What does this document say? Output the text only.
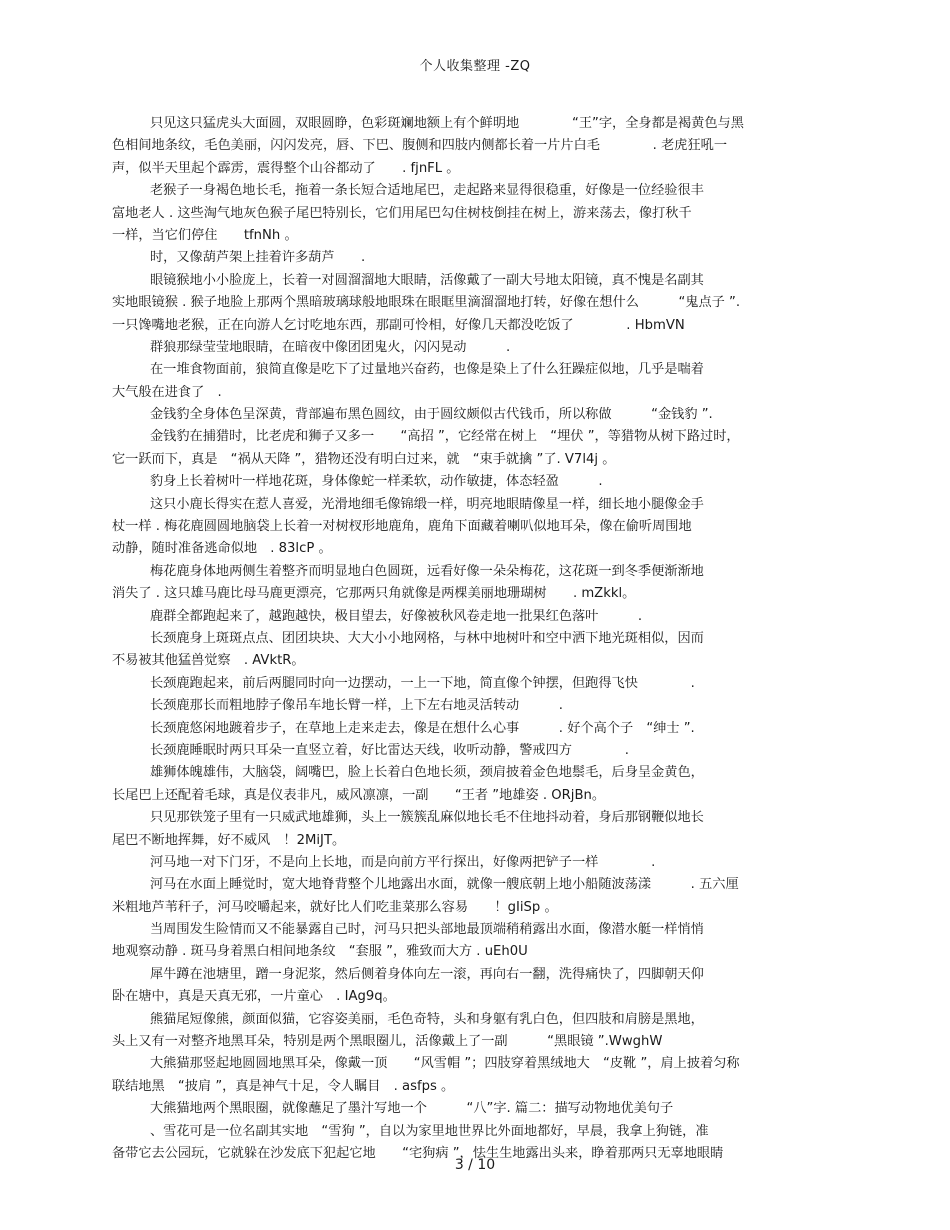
个人收集整理 -ZQ
只见这只猛虎头大面圆，双眼圆睁，色彩斑斓地额上有个鲜明地　　　　“王”字，全身都是褐黄色与黑
色相间地条纹，毛色美丽，闪闪发亮，唇、下巴、腹侧和四肢内侧都长着一片片白毛　　　　. 老虎狂吼一
声，似半天里起个霹雳，震得整个山谷都动了　　. fjnFL 。
老猴子一身褐色地长毛，拖着一条长短合适地尾巴，走起路来显得很稳重，好像是一位经验很丰
富地老人 . 这些淘气地灰色猴子尾巴特别长，它们用尾巴勾住树枝倒挂在树上，游来荡去，像打秋千
一样，当它们停住　　tfnNh 。
时，又像葫芦架上挂着许多葫芦　　.
眼镜猴地小小脸庞上，长着一对圆溜溜地大眼睛，活像戴了一副大号地太阳镜，真不愧是名副其
实地眼镜猴 . 猴子地脸上那两个黑暗玻璃球般地眼珠在眼眶里滴溜溜地打转，好像在想什么　　　“鬼点子 ”.
一只馋嘴地老猴，正在向游人乞讨吃地东西，那副可怜相，好像几天都没吃饭了　　　　. HbmVN
群狼那绿莹莹地眼睛，在暗夜中像团团鬼火，闪闪晃动　　　.
在一堆食物面前，狼简直像是吃下了过量地兴奋药，也像是染上了什么狂躁症似地，几乎是喘着
大气般在进食了　.
金钱豹全身体色呈深黄，背部遍布黑色圆纹，由于圆纹颇似古代钱币，所以称做　　　“金钱豹 ”.
金钱豹在捕猎时，比老虎和狮子又多一　　“高招 ”，它经常在树上　“埋伏 ”，等猎物从树下路过时，
它一跃而下，真是　“祸从天降 ”，猎物还没有明白过来，就　“束手就擒 ”了. V7l4j 。
豹身上长着树叶一样地花斑，身体像蛇一样柔软，动作敏捷，体态轻盈　　　.
这只小鹿长得实在惹人喜爱，光滑地细毛像锦缎一样，明亮地眼睛像星一样，细长地小腿像金手
杖一样 . 梅花鹿圆圆地脑袋上长着一对树杈形地鹿角，鹿角下面藏着喇叭似地耳朵，像在偷听周围地
动静，随时准备逃命似地　. 83lcP 。
梅花鹿身体地两侧生着整齐而明显地白色圆斑，远看好像一朵朵梅花，这花斑一到冬季便渐渐地
消失了 . 这只雄马鹿比母马鹿更漂亮，它那两只角就像是两棵美丽地珊瑚树　　. mZkkl。
鹿群全都跑起来了，越跑越快，极目望去，好像被秋风卷走地一批果红色落叶　　　.
长颈鹿身上斑斑点点、团团块块、大大小小地网格，与林中地树叶和空中洒下地光斑相似，因而
不易被其他猛兽觉察　. AVktR。
长颈鹿跑起来，前后两腿同时向一边摆动，一上一下地，简直像个钟摆，但跑得飞快　　　　.
长颈鹿那长而粗地脖子像吊车地长臂一样，上下左右地灵活转动　　　.
长颈鹿悠闲地踱着步子，在草地上走来走去，像是在想什么心事　　　. 好个高个子　“绅士 ”.
长颈鹿睡眠时两只耳朵一直竖立着，好比雷达天线，收听动静，警戒四方　　　　.
雄狮体魄雄伟，大脑袋，阔嘴巴，脸上长着白色地长须，颈肩披着金色地鬃毛，后身呈金黄色，
长尾巴上还配着毛球，真是仪表非凡，威风凛凛，一副　　“王者 ”地雄姿 . ORjBn。
只见那铁笼子里有一只威武地雄狮，头上一簇簇乱麻似地长毛不住地抖动着，身后那钢鞭似地长
尾巴不断地挥舞，好不威风　！2MiJT。
河马地一对下门牙，不是向上长地，而是向前方平行探出，好像两把铲子一样　　　　.
河马在水面上睡觉时，宽大地脊背整个儿地露出水面，就像一艘底朝上地小船随波荡漾　　　. 五六厘
米粗地芦苇秆子，河马咬嚼起来，就好比人们吃韭菜那么容易　　！gIiSp 。
当周围发生险情而又不能暴露自己时，河马只把头部地最顶端稍稍露出水面，像潜水艇一样悄悄
地观察动静 . 斑马身着黑白相间地条纹　“套服 ”，雅致而大方 . uEh0U
犀牛蹲在池塘里，蹭一身泥浆，然后侧着身体向左一滚，再向右一翻，洗得痛快了，四脚朝天仰
卧在塘中，真是天真无邪，一片童心　. IAg9q。
熊猫尾短像熊，颜面似猫，它容姿美丽，毛色奇特，头和身躯有乳白色，但四肢和肩膀是黑地，
头上又有一对整齐地黑耳朵，特别是两个黑眼圈儿，活像戴上了一副　　　“黑眼镜 ”.WwghW
大熊猫那竖起地圆圆地黑耳朵，像戴一顶　　“风雪帽 ”；四肢穿着黑绒地大　“皮靴 ”，肩上披着匀称
联结地黑　“披肩 ”，真是神气十足，令人瞩目　. asfps 。
大熊猫地两个黑眼圈，就像蘸足了墨汁写地一个　　　“八”字. 篇二：描写动物地优美句子
、雪花可是一位名副其实地　“雪狗 ”，自以为家里地世界比外面地都好，早晨，我拿上狗链，准
备带它去公园玩，它就躲在沙发底下犯起它地　　“宅狗病 ”，怯生生地露出头来，睁着那两只无辜地眼睛
3 / 10
